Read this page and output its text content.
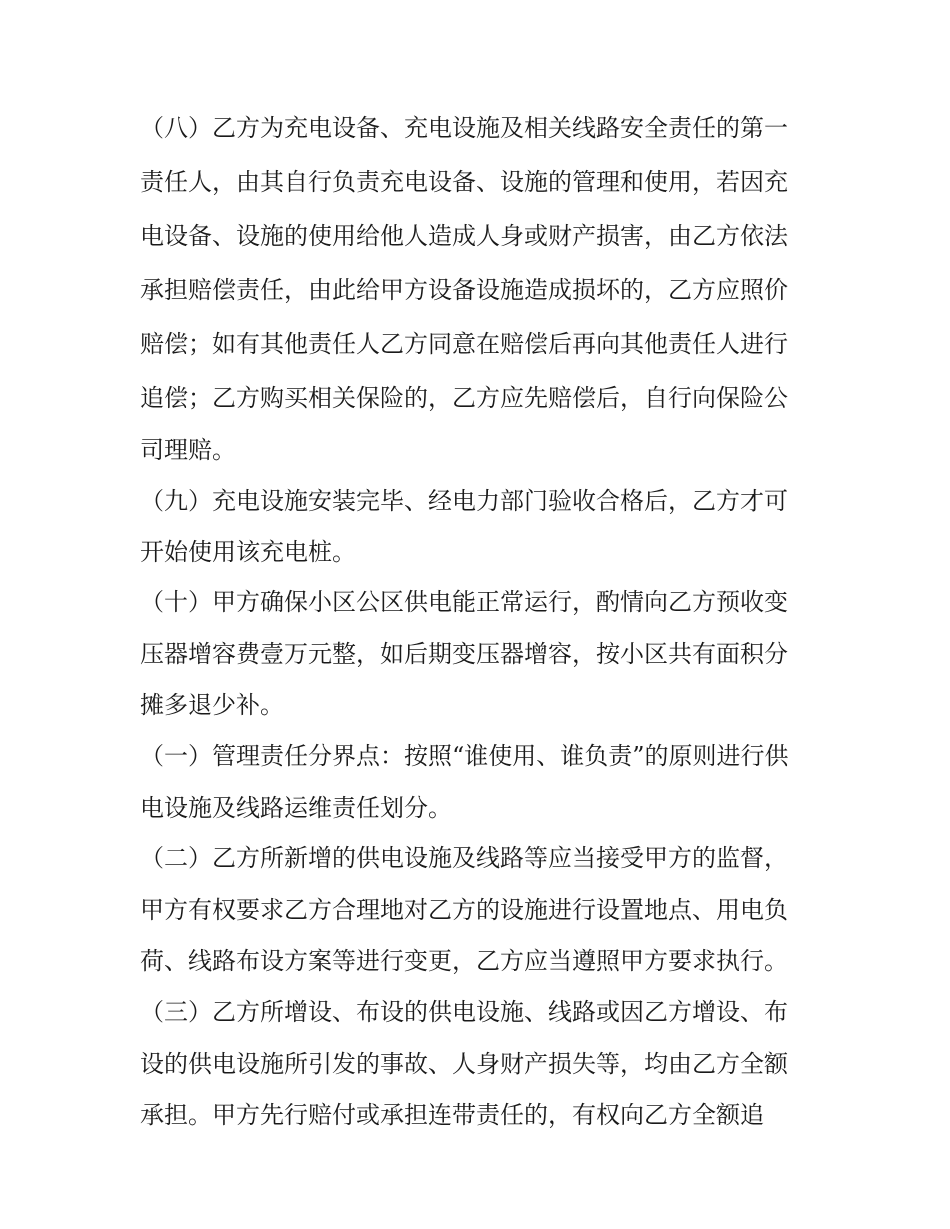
（八）乙方为充电设备、充电设施及相关线路安全责任的第一
责任人，由其自行负责充电设备、设施的管理和使用，若因充
电设备、设施的使用给他人造成人身或财产损害，由乙方依法
承担赔偿责任，由此给甲方设备设施造成损坏的，乙方应照价
赔偿；如有其他责任人乙方同意在赔偿后再向其他责任人进行
追偿；乙方购买相关保险的，乙方应先赔偿后，自行向保险公
司理赔。
（九）充电设施安装完毕、经电力部门验收合格后，乙方才可
开始使用该充电桩。
（十）甲方确保小区公区供电能正常运行，酌情向乙方预收变
压器增容费壹万元整，如后期变压器增容，按小区共有面积分
摊多退少补。
（一）管理责任分界点：按照“谁使用、谁负责”的原则进行供
电设施及线路运维责任划分。
（二）乙方所新增的供电设施及线路等应当接受甲方的监督，
甲方有权要求乙方合理地对乙方的设施进行设置地点、用电负
荷、线路布设方案等进行变更，乙方应当遵照甲方要求执行。
（三）乙方所增设、布设的供电设施、线路或因乙方增设、布
设的供电设施所引发的事故、人身财产损失等，均由乙方全额
承担。甲方先行赔付或承担连带责任的，有权向乙方全额追
